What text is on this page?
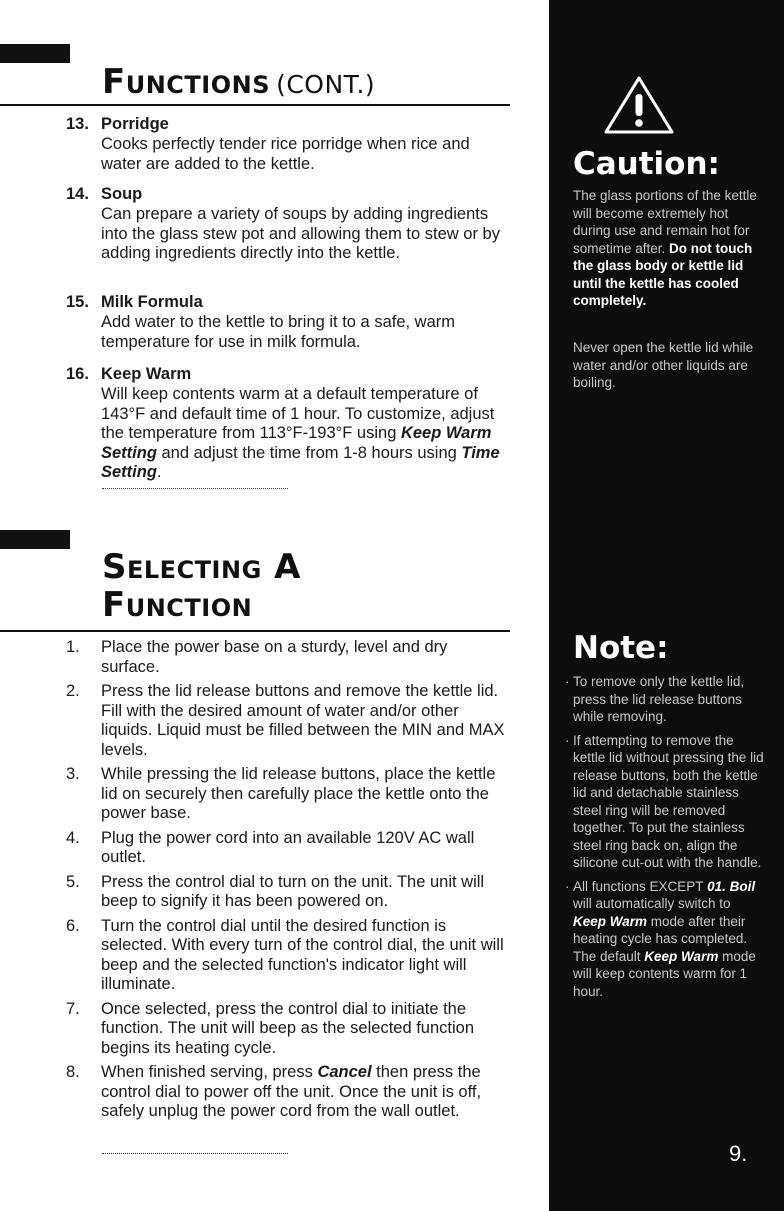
Functions (CONT.)
13. Porridge
Cooks perfectly tender rice porridge when rice and water are added to the kettle.
14. Soup
Can prepare a variety of soups by adding ingredients into the glass stew pot and allowing them to stew or by adding ingredients directly into the kettle.
15. Milk Formula
Add water to the kettle to bring it to a safe, warm temperature for use in milk formula.
16. Keep Warm
Will keep contents warm at a default temperature of 143°F and default time of 1 hour. To customize, adjust the temperature from 113°F-193°F using Keep Warm Setting and adjust the time from 1-8 hours using Time Setting.
Selecting A
Function
1.	Place the power base on a sturdy, level and dry surface.
2.	Press the lid release buttons and remove the kettle lid. Fill with the desired amount of water and/or other liquids. Liquid must be filled between the MIN and MAX levels.
3.	While pressing the lid release buttons, place the kettle lid on securely then carefully place the kettle onto the power base.
4.	Plug the power cord into an available 120V AC wall outlet.
5.	Press the control dial to turn on the unit. The unit will beep to signify it has been powered on.
6.	Turn the control dial until the desired function is selected. With every turn of the control dial, the unit will beep and the selected function's indicator light will illuminate.
7.	Once selected, press the control dial to initiate the function. The unit will beep as the selected function begins its heating cycle.
8.	When finished serving, press Cancel then press the control dial to power off the unit. Once the unit is off, safely unplug the power cord from the wall outlet.
Caution:
The glass portions of the kettle will become extremely hot during use and remain hot for sometime after. Do not touch the glass body or kettle lid until the kettle has cooled completely.
Never open the kettle lid while water and/or other liquids are boiling.
Note:
· To remove only the kettle lid, press the lid release buttons while removing.
· If attempting to remove the kettle lid without pressing the lid release buttons, both the kettle lid and detachable stainless steel ring will be removed together. To put the stainless steel ring back on, align the silicone cut-out with the handle.
· All functions EXCEPT 01. Boil will automatically switch to Keep Warm mode after their heating cycle has completed. The default Keep Warm mode will keep contents warm for 1 hour.
9.
